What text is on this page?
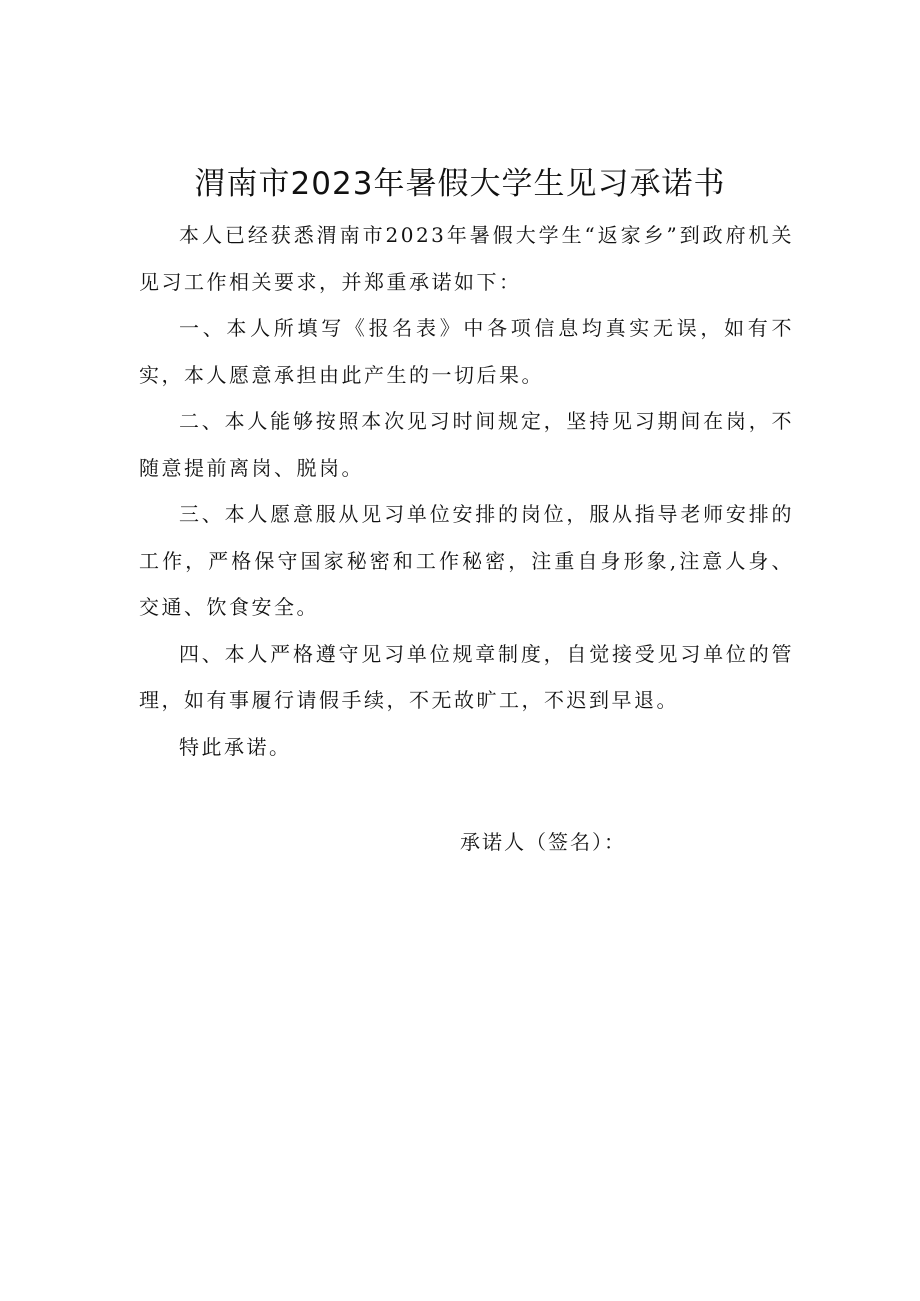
渭南市2023年暑假大学生见习承诺书

本人已经获悉渭南市2023年暑假大学生“返家乡”到政府机关见习工作相关要求，并郑重承诺如下：

一、本人所填写《报名表》中各项信息均真实无误，如有不实，本人愿意承担由此产生的一切后果。

二、本人能够按照本次见习时间规定，坚持见习期间在岗，不随意提前离岗、脱岗。

三、本人愿意服从见习单位安排的岗位，服从指导老师安排的工作，严格保守国家秘密和工作秘密，注重自身形象,注意人身、交通、饮食安全。

四、本人严格遵守见习单位规章制度，自觉接受见习单位的管理，如有事履行请假手续，不无故旷工，不迟到早退。

特此承诺。

承诺人（签名）：
